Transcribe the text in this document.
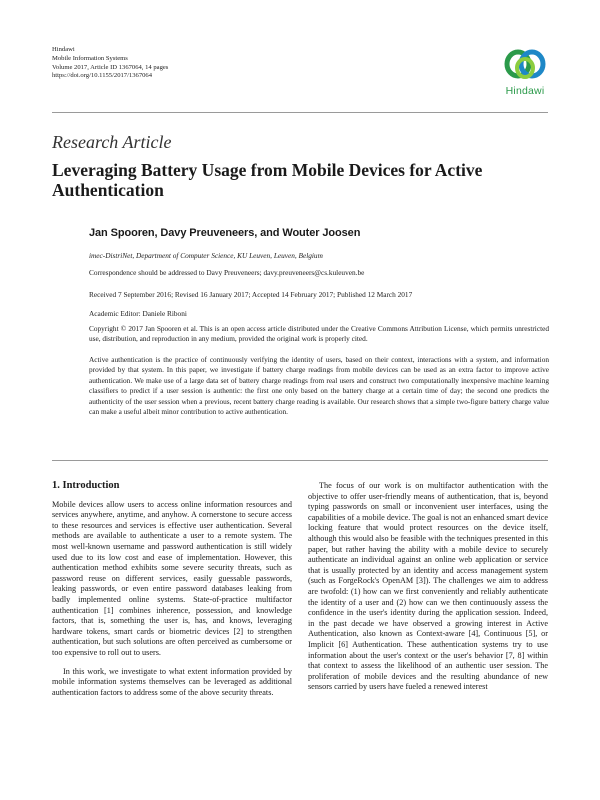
Hindawi
Mobile Information Systems
Volume 2017, Article ID 1367064, 14 pages
https://doi.org/10.1155/2017/1367064
Hindawi
Research Article
Leveraging Battery Usage from Mobile Devices for Active Authentication
Jan Spooren, Davy Preuveneers, and Wouter Joosen
imec-DistriNet, Department of Computer Science, KU Leuven, Leuven, Belgium
Correspondence should be addressed to Davy Preuveneers; davy.preuveneers@cs.kuleuven.be
Received 7 September 2016; Revised 16 January 2017; Accepted 14 February 2017; Published 12 March 2017
Academic Editor: Daniele Riboni
Copyright © 2017 Jan Spooren et al. This is an open access article distributed under the Creative Commons Attribution License, which permits unrestricted use, distribution, and reproduction in any medium, provided the original work is properly cited.
Active authentication is the practice of continuously verifying the identity of users, based on their context, interactions with a system, and information provided by that system. In this paper, we investigate if battery charge readings from mobile devices can be used as an extra factor to improve active authentication. We make use of a large data set of battery charge readings from real users and construct two computationally inexpensive machine learning classifiers to predict if a user session is authentic: the first one only based on the battery charge at a certain time of day; the second one predicts the authenticity of the user session when a previous, recent battery charge reading is available. Our research shows that a simple two-figure battery charge value can make a useful albeit minor contribution to active authentication.
1. Introduction

Mobile devices allow users to access online information resources and services anywhere, anytime, and anyhow. A cornerstone to secure access to these resources and services is effective user authentication. Several methods are available to authenticate a user to a remote system. The most well-known username and password authentication is still widely used due to its low cost and ease of implementation. However, this authentication method exhibits some severe security threats, such as password reuse on different services, easily guessable passwords, leaking passwords, or even entire password databases leaking from badly implemented online systems. State-of-practice multifactor authentication [1] combines inherence, possession, and knowledge factors, that is, something the user is, has, and knows, leveraging hardware tokens, smart cards or biometric devices [2] to strengthen authentication, but such solutions are often perceived as cumbersome or too expensive to roll out to users.

In this work, we investigate to what extent information provided by mobile information systems themselves can be leveraged as additional authentication factors to address some of the above security threats.

The focus of our work is on multifactor authentication with the objective to offer user-friendly means of authentication, that is, beyond typing passwords on small or inconvenient user interfaces, using the capabilities of a mobile device. The goal is not an enhanced smart device locking feature that would protect resources on the device itself, although this would also be feasible with the techniques presented in this paper, but rather having the ability with a mobile device to securely authenticate an individual against an online web application or service that is usually protected by an identity and access management system (such as ForgeRock's OpenAM [3]). The challenges we aim to address are twofold: (1) how can we first conveniently and reliably authenticate the identity of a user and (2) how can we then continuously assess the confidence in the user's identity during the application session. Indeed, in the past decade we have observed a growing interest in Active Authentication, also known as Context-aware [4], Continuous [5], or Implicit [6] Authentication. These authentication systems try to use information about the user's context or the user's behavior [7, 8] within that context to assess the likelihood of an authentic user session. The proliferation of mobile devices and the resulting abundance of new sensors carried by users have fueled a renewed interest
